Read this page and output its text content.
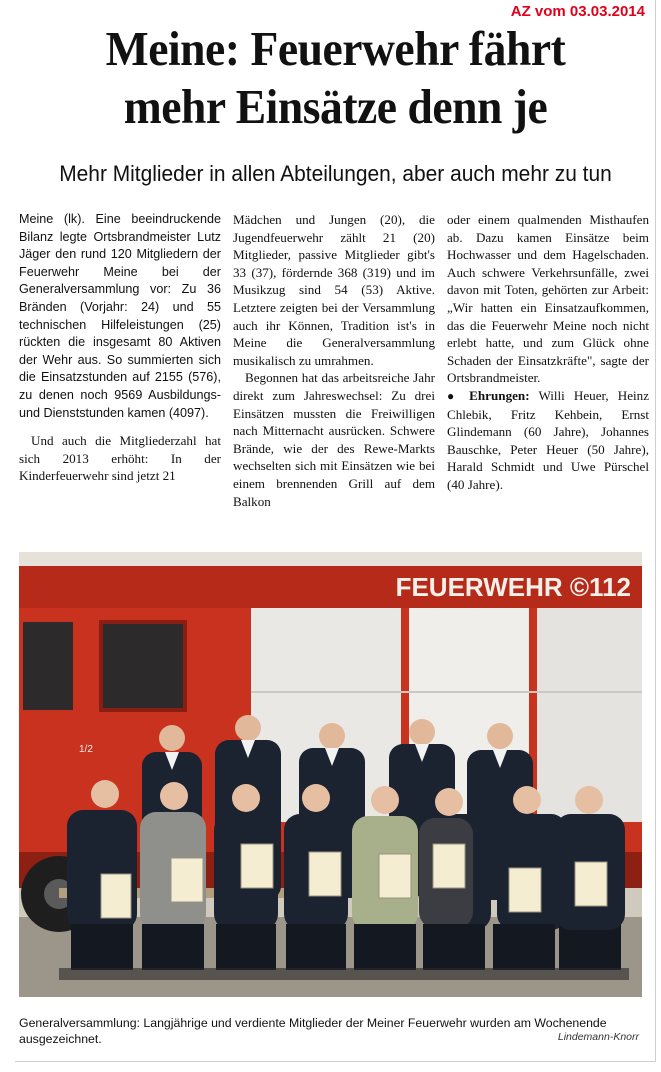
AZ vom 03.03.2014
Meine: Feuerwehr fährt
mehr Einsätze denn je

Mehr Mitglieder in allen Abteilungen, aber auch mehr zu tun

Meine (lk). Eine beeindruckende Bilanz legte Ortsbrandmeister Lutz Jäger den rund 120 Mitgliedern der Feuerwehr Meine bei der Generalversammlung vor: Zu 36 Bränden (Vorjahr: 24) und 55 technischen Hilfeleistungen (25) rückten die insgesamt 80 Aktiven der Wehr aus. So summierten sich die Einsatzstunden auf 2155 (576), zu denen noch 9569 Ausbildungs- und Dienststunden kamen (4097).

Und auch die Mitgliederzahl hat sich 2013 erhöht: In der Kinderfeuerwehr sind jetzt 21

Mädchen und Jungen (20), die Jugendfeuerwehr zählt 21 (20) Mitglieder, passive Mitglieder gibt's 33 (37), fördernde 368 (319) und im Musikzug sind 54 (53) Aktive. Letztere zeigten bei der Versammlung auch ihr Können, Tradition ist's in Meine die Generalversammlung musikalisch zu umrahmen.

Begonnen hat das arbeitsreiche Jahr direkt zum Jahreswechsel: Zu drei Einsätzen mussten die Freiwilligen nach Mitternacht ausrücken. Schwere Brände, wie der des Rewe-Markts wechselten sich mit Einsätzen wie bei einem brennenden Grill auf dem Balkon

oder einem qualmenden Misthaufen ab. Dazu kamen Einsätze beim Hochwasser und dem Hagelschaden. Auch schwere Verkehrsunfälle, zwei davon mit Toten, gehörten zur Arbeit: „Wir hatten ein Einsatzaufkommen, das die Feuerwehr Meine noch nicht erlebt hatte, und zum Glück ohne Schaden der Einsatzkräfte", sagte der Ortsbrandmeister.

● Ehrungen: Willi Heuer, Heinz Chlebik, Fritz Kehbein, Ernst Glindemann (60 Jahre), Johannes Bauschke, Peter Heuer (50 Jahre), Harald Schmidt und Uwe Pürschel (40 Jahre).

FEUERWEHR ©112
1/2

Generalversammlung: Langjährige und verdiente Mitglieder der Meiner Feuerwehr wurden am Wochenende ausgezeichnet.	Lindemann-Knorr
